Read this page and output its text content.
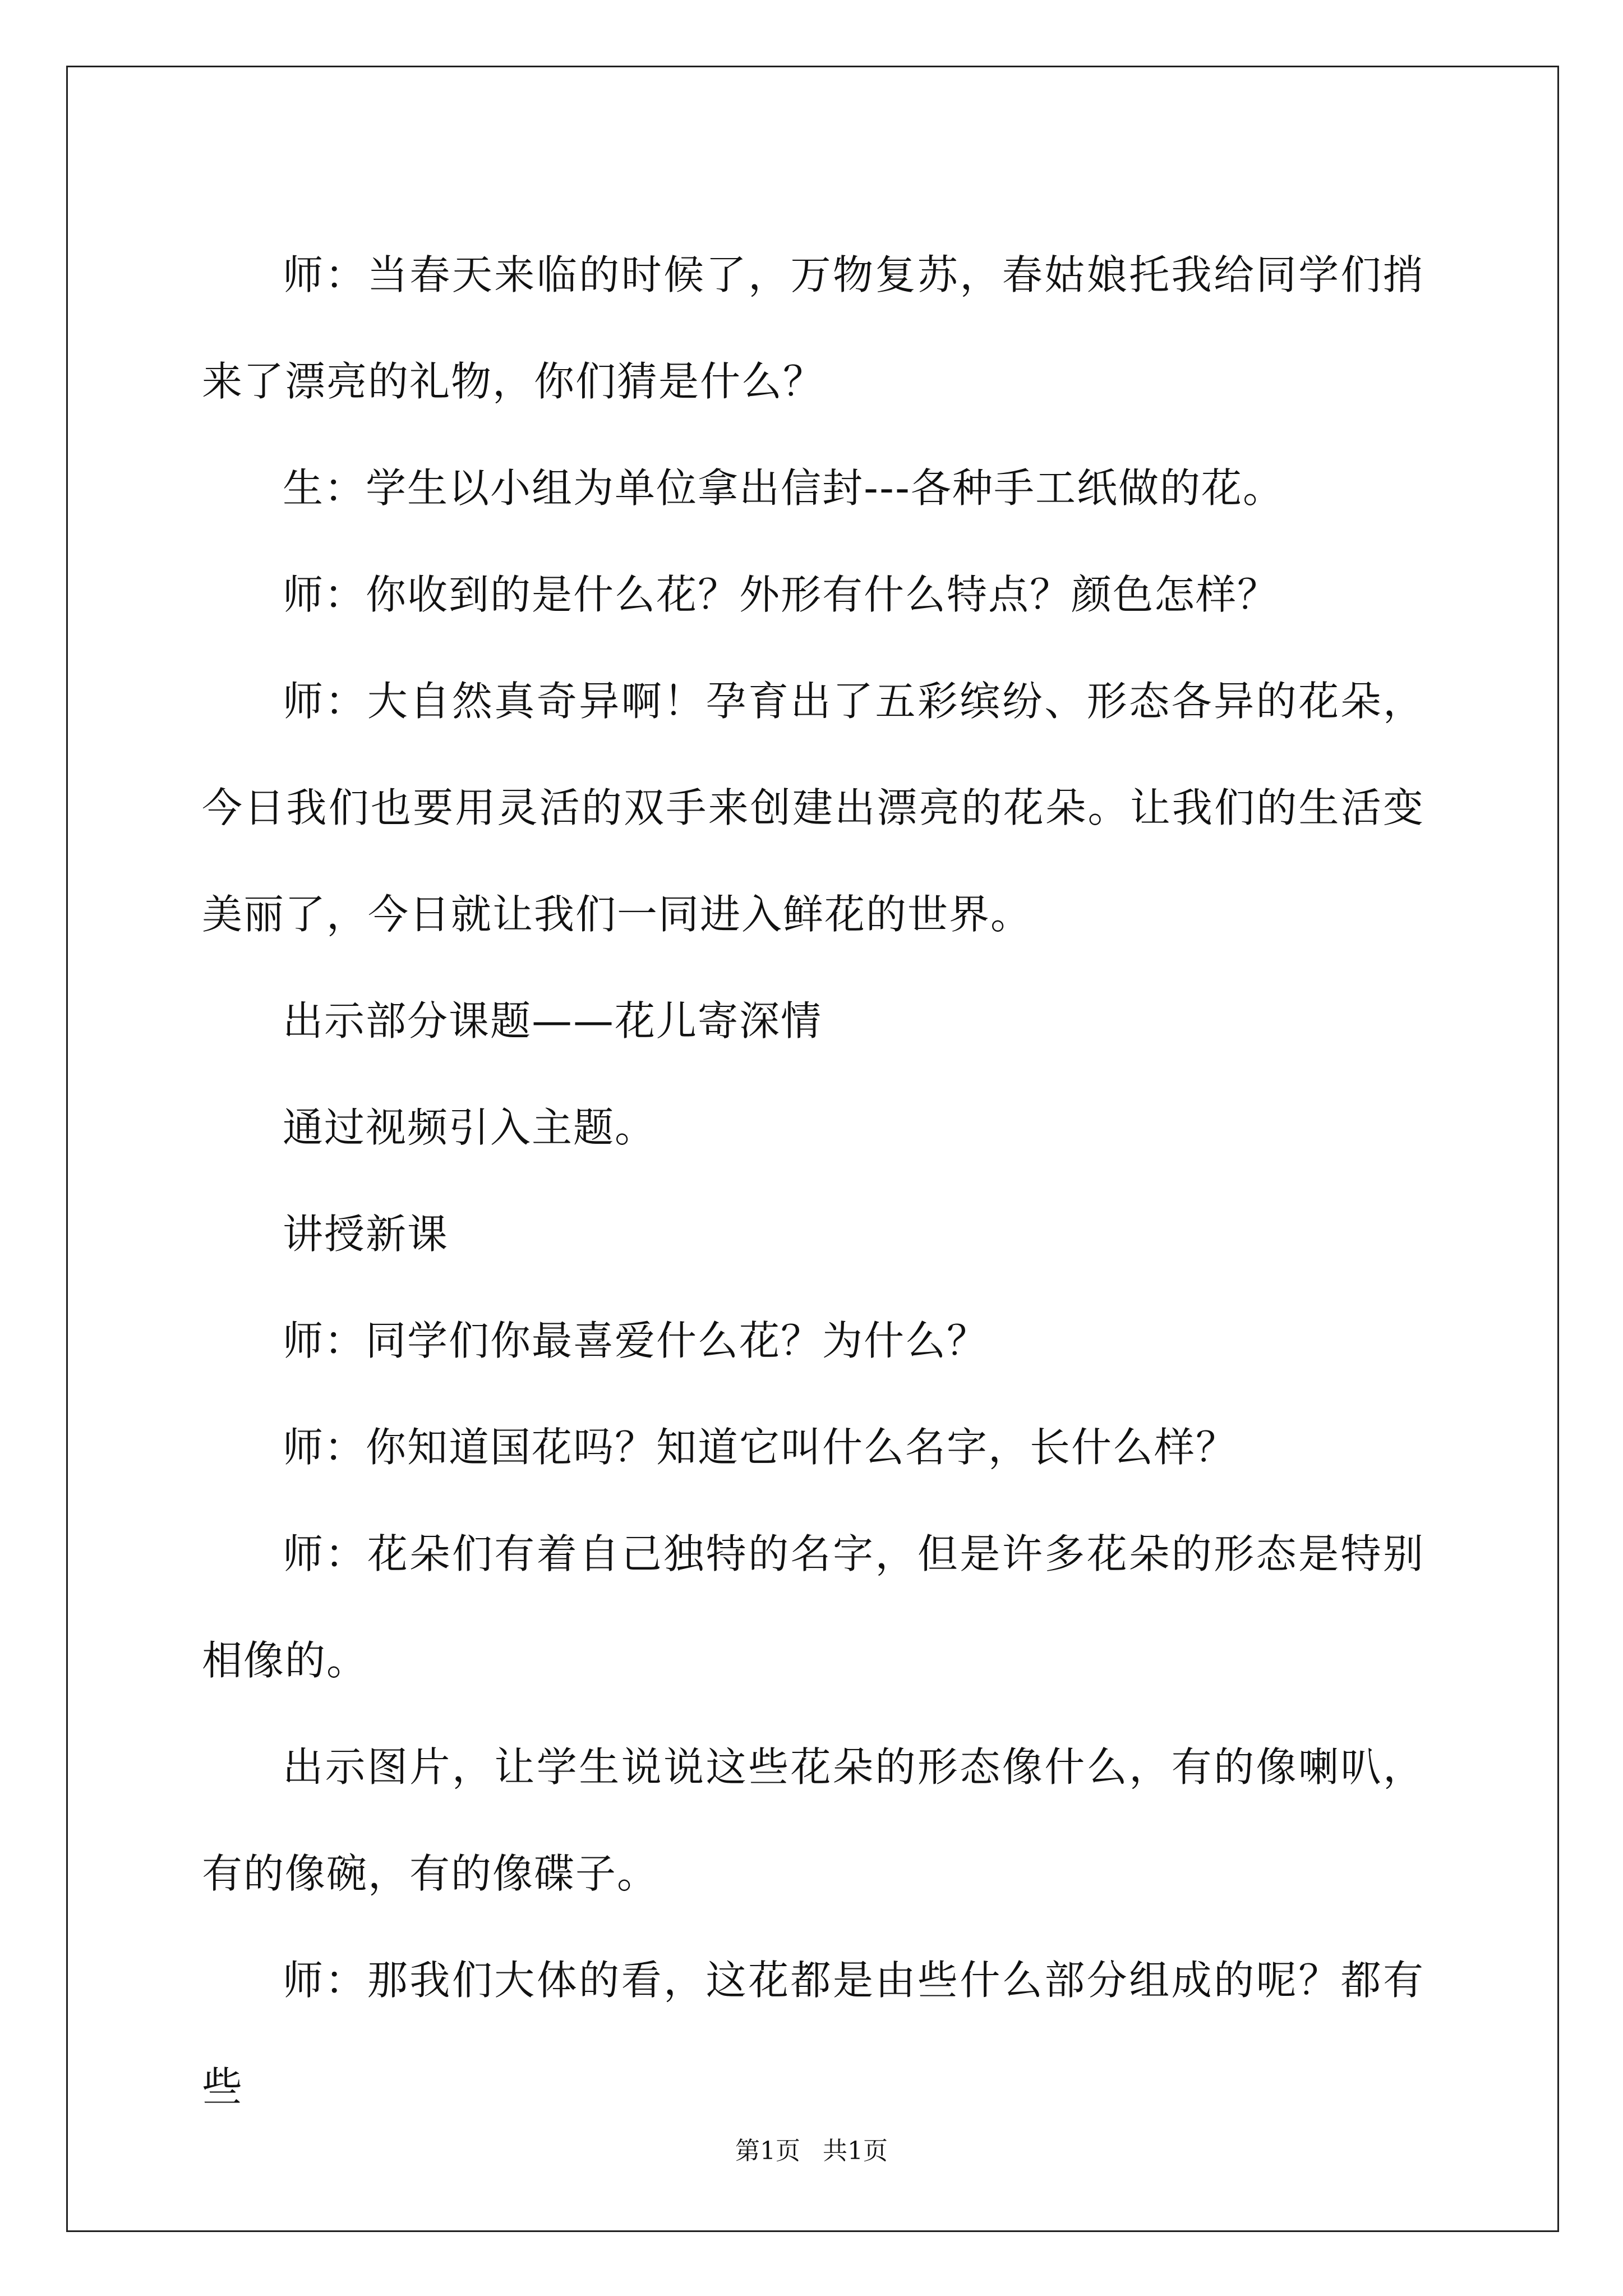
师：当春天来临的时候了，万物复苏，春姑娘托我给同学们捎来了漂亮的礼物，你们猜是什么？

生：学生以小组为单位拿出信封---各种手工纸做的花。

师：你收到的是什么花？外形有什么特点？颜色怎样？

师：大自然真奇异啊！孕育出了五彩缤纷、形态各异的花朵，今日我们也要用灵活的双手来创建出漂亮的花朵。让我们的生活变美丽了，今日就让我们一同进入鲜花的世界。

出示部分课题——花儿寄深情

通过视频引入主题。

讲授新课

师：同学们你最喜爱什么花？为什么？

师：你知道国花吗？知道它叫什么名字，长什么样？

师：花朵们有着自己独特的名字，但是许多花朵的形态是特别相像的。

出示图片，让学生说说这些花朵的形态像什么，有的像喇叭，有的像碗，有的像碟子。

师：那我们大体的看，这花都是由些什么部分组成的呢？都有些

第1页 共1页
